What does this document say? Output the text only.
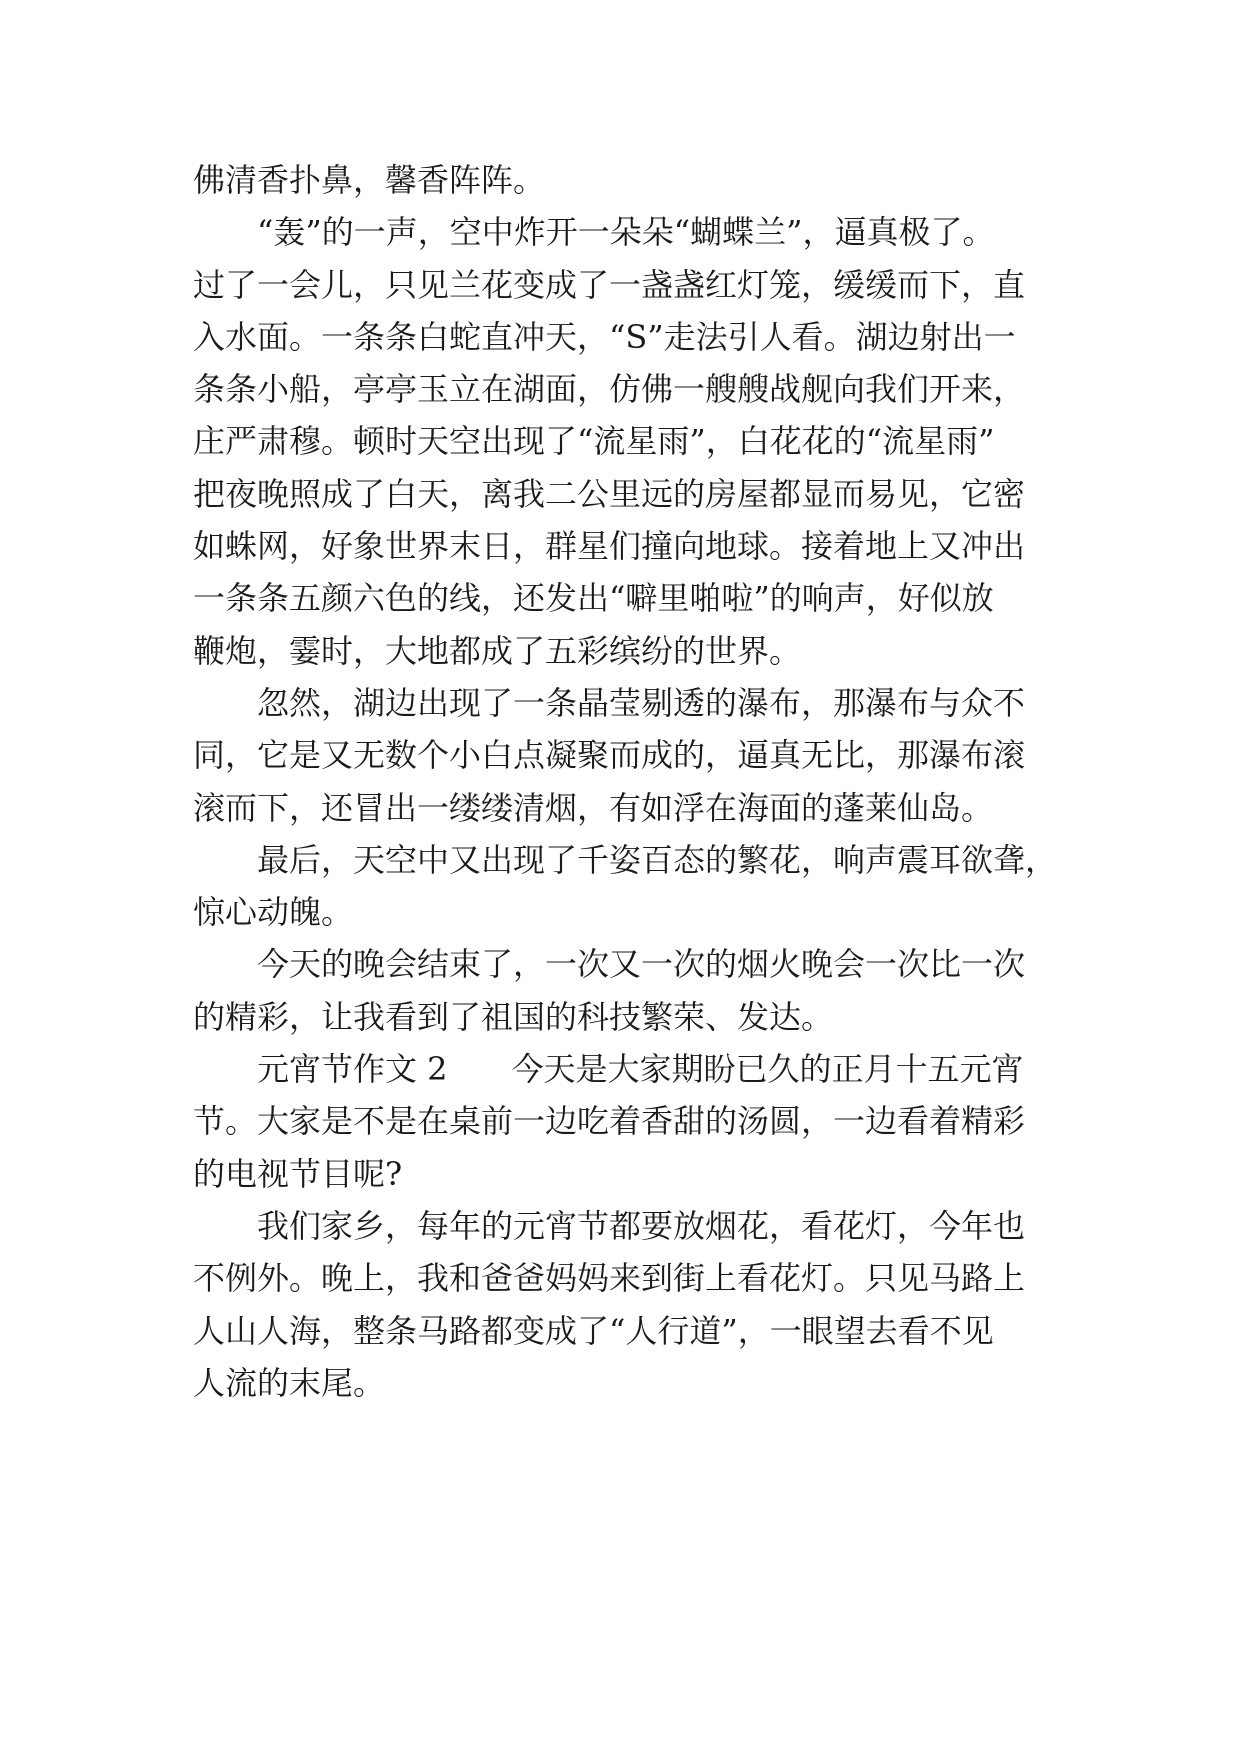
佛清香扑鼻，馨香阵阵。
“轰”的一声，空中炸开一朵朵“蝴蝶兰”，逼真极了。
过了一会儿，只见兰花变成了一盏盏红灯笼，缓缓而下，直
入水面。一条条白蛇直冲天，“S”走法引人看。湖边射出一
条条小船，亭亭玉立在湖面，仿佛一艘艘战舰向我们开来，
庄严肃穆。顿时天空出现了“流星雨”，白花花的“流星雨”
把夜晚照成了白天，离我二公里远的房屋都显而易见，它密
如蛛网，好象世界末日，群星们撞向地球。接着地上又冲出
一条条五颜六色的线，还发出“噼里啪啦”的响声，好似放
鞭炮，霎时，大地都成了五彩缤纷的世界。
忽然，湖边出现了一条晶莹剔透的瀑布，那瀑布与众不
同，它是又无数个小白点凝聚而成的，逼真无比，那瀑布滚
滚而下，还冒出一缕缕清烟，有如浮在海面的蓬莱仙岛。
最后，天空中又出现了千姿百态的繁花，响声震耳欲聋，
惊心动魄。
今天的晚会结束了，一次又一次的烟火晚会一次比一次
的精彩，让我看到了祖国的科技繁荣、发达。
元宵节作文 2　　今天是大家期盼已久的正月十五元宵
节。大家是不是在桌前一边吃着香甜的汤圆，一边看着精彩
的电视节目呢?
我们家乡，每年的元宵节都要放烟花，看花灯，今年也
不例外。晚上，我和爸爸妈妈来到街上看花灯。只见马路上
人山人海，整条马路都变成了“人行道”，一眼望去看不见
人流的末尾。
